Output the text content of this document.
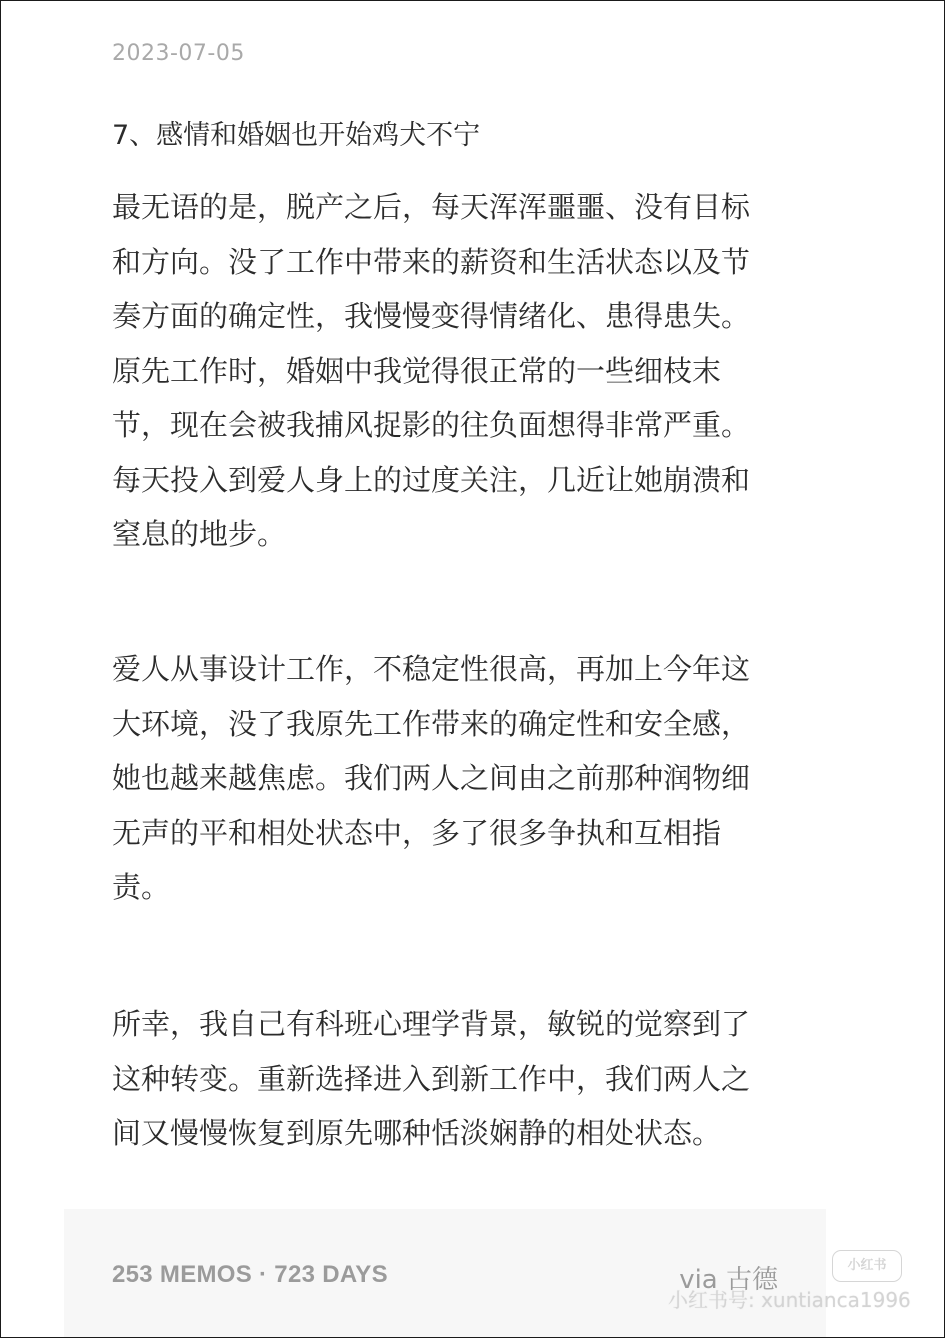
2023-07-05
7、感情和婚姻也开始鸡犬不宁
最无语的是，脱产之后，每天浑浑噩噩、没有目标
和方向。没了工作中带来的薪资和生活状态以及节
奏方面的确定性，我慢慢变得情绪化、患得患失。
原先工作时，婚姻中我觉得很正常的一些细枝末
节，现在会被我捕风捉影的往负面想得非常严重。
每天投入到爱人身上的过度关注，几近让她崩溃和
窒息的地步。
爱人从事设计工作，不稳定性很高，再加上今年这
大环境，没了我原先工作带来的确定性和安全感，
她也越来越焦虑。我们两人之间由之前那种润物细
无声的平和相处状态中，多了很多争执和互相指
责。
所幸，我自己有科班心理学背景，敏锐的觉察到了
这种转变。重新选择进入到新工作中，我们两人之
间又慢慢恢复到原先哪种恬淡娴静的相处状态。
253 MEMOS · 723 DAYS	via 古德	小红书
小红书号: xuntianca1996
